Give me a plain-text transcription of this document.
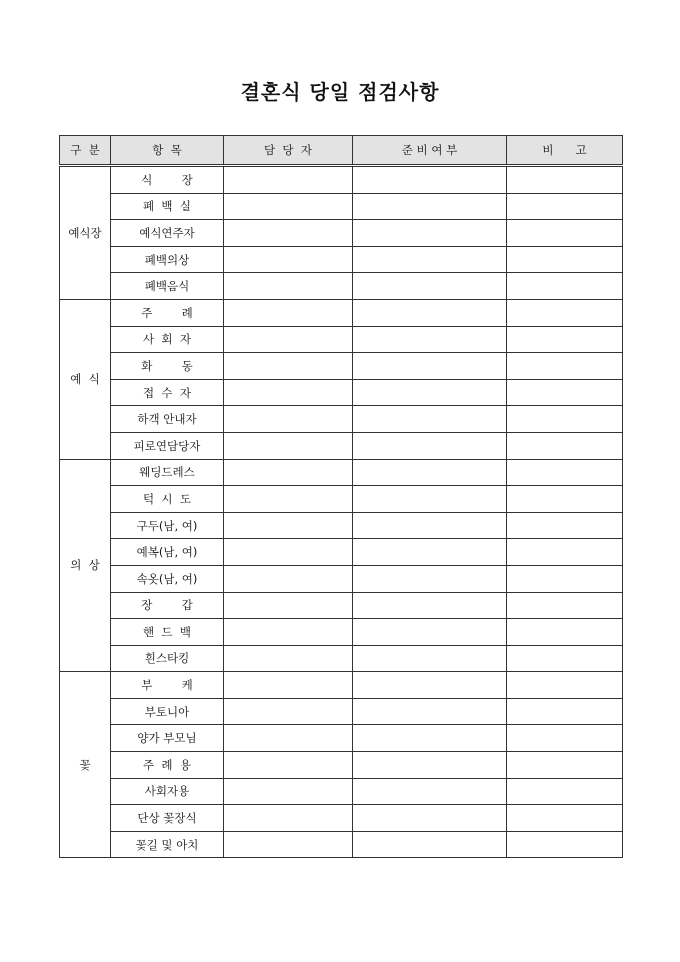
결혼식 당일 점검사항
구  분	항  목	담  당  자	준 비 여 부	비      고
예식장	식        장			
	폐  백  실			
	예식연주자			
	폐백의상			
	폐백음식			
예  식	주        례			
	사  회  자			
	화        동			
	접  수  자			
	하객 안내자			
	피로연담당자			
의  상	웨딩드레스			
	턱  시  도			
	구두(남, 여)			
	예복(남, 여)			
	속옷(남, 여)			
	장        갑			
	핸  드  백			
	흰스타킹			
꽃	부        케			
	부토니아			
	양가 부모님			
	주  례  용			
	사회자용			
	단상 꽃장식			
	꽃길 및 아치			
